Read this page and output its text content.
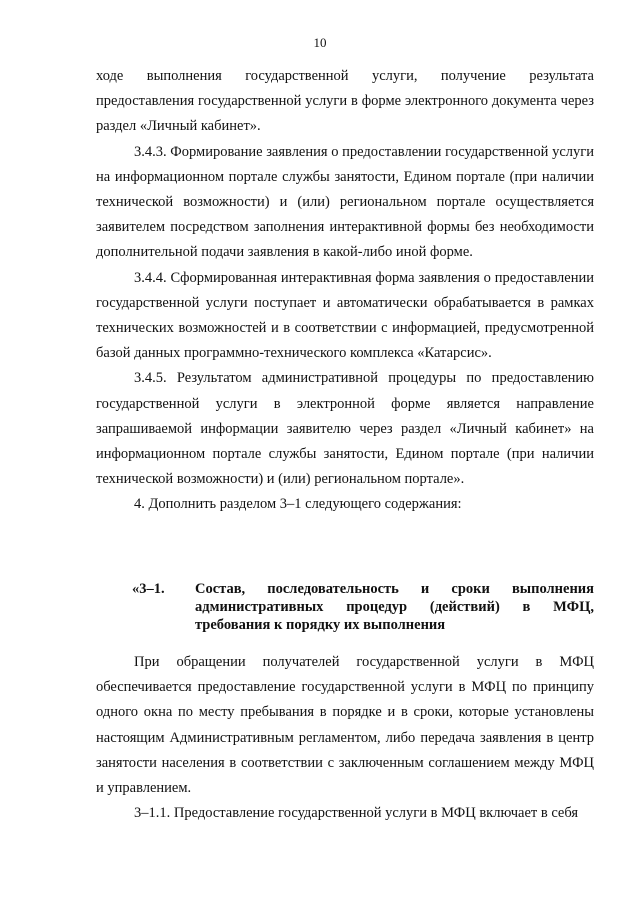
10

ходе выполнения государственной услуги, получение результата предоставления государственной услуги в форме электронного документа через раздел «Личный кабинет».

3.4.3. Формирование заявления о предоставлении государственной услуги на информационном портале службы занятости, Едином портале (при наличии технической возможности) и (или) региональном портале осуществляется заявителем посредством заполнения интерактивной формы без необходимости дополнительной подачи заявления в какой-либо иной форме.

3.4.4. Сформированная интерактивная форма заявления о предоставлении государственной услуги поступает и автоматически обрабатывается в рамках технических возможностей и в соответствии с информацией, предусмотренной базой данных программно-технического комплекса «Катарсис».

3.4.5. Результатом административной процедуры по предоставлению государственной услуги в электронной форме является направление запрашиваемой информации заявителю через раздел «Личный кабинет» на информационном портале службы занятости, Едином портале (при наличии технической возможности) и (или) региональном портале».

4. Дополнить разделом 3–1 следующего содержания:

«3–1.	Состав, последовательность и сроки выполнения административных процедур (действий) в МФЦ, требования к порядку их выполнения

При обращении получателей государственной услуги в МФЦ обеспечивается предоставление государственной услуги в МФЦ по принципу одного окна по месту пребывания в порядке и в сроки, которые установлены настоящим Административным регламентом, либо передача заявления в центр занятости населения в соответствии с заключенным соглашением между МФЦ и управлением.

3–1.1. Предоставление государственной услуги в МФЦ включает в себя
